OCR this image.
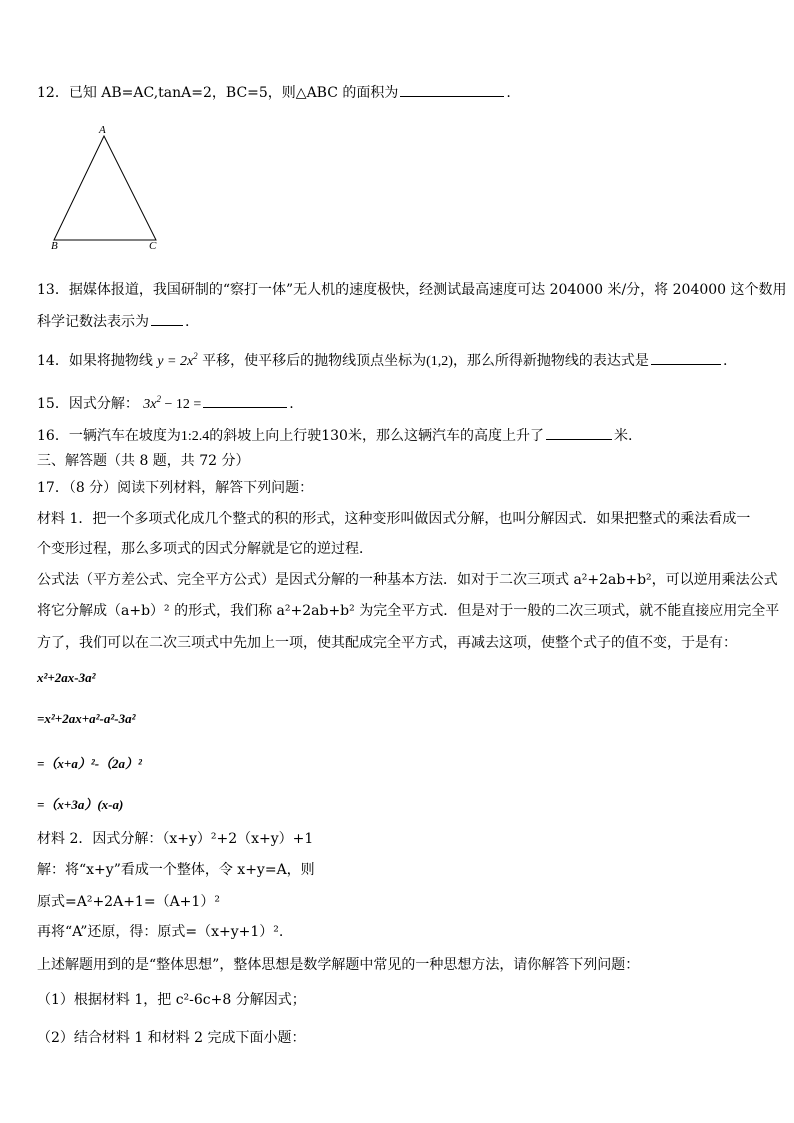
12．已知 AB=AC,tanA=2，BC=5，则△ABC 的面积为	.
A
B	C
13．据媒体报道，我国研制的“察打一体”无人机的速度极快，经测试最高速度可达 204000 米/分，将 204000 这个数用
科学记数法表示为	.
14．如果将抛物线 $y = 2x^2$ 平移，使平移后的抛物线顶点坐标为(1,2)，那么所得新抛物线的表达式是	.
15．因式分解： $3x^2 - 12$ =	.
16．一辆汽车在坡度为1:2.4的斜坡上向上行驶130米，那么这辆汽车的高度上升了	米.
三、解答题（共 8 题，共 72 分）
17．（8 分）阅读下列材料，解答下列问题：
材料 1．把一个多项式化成几个整式的积的形式，这种变形叫做因式分解，也叫分解因式．如果把整式的乘法看成一
个变形过程，那么多项式的因式分解就是它的逆过程．
公式法（平方差公式、完全平方公式）是因式分解的一种基本方法．如对于二次三项式 a²+2ab+b²，可以逆用乘法公式
将它分解成（a+b）² 的形式，我们称 a²+2ab+b² 为完全平方式．但是对于一般的二次三项式，就不能直接应用完全平
方了，我们可以在二次三项式中先加上一项，使其配成完全平方式，再减去这项，使整个式子的值不变，于是有：
x²+2ax-3a²
=x²+2ax+a²-a²-3a²
=（x+a）²-（2a）²
=（x+3a）(x-a)
材料 2．因式分解：（x+y）²+2（x+y）+1
解：将“x+y”看成一个整体，令 x+y=A，则
原式=A²+2A+1=（A+1）²
再将“A”还原，得：原式=（x+y+1）².
上述解题用到的是“整体思想”，整体思想是数学解题中常见的一种思想方法，请你解答下列问题：
（1）根据材料 1，把 c²-6c+8 分解因式；
（2）结合材料 1 和材料 2 完成下面小题：
